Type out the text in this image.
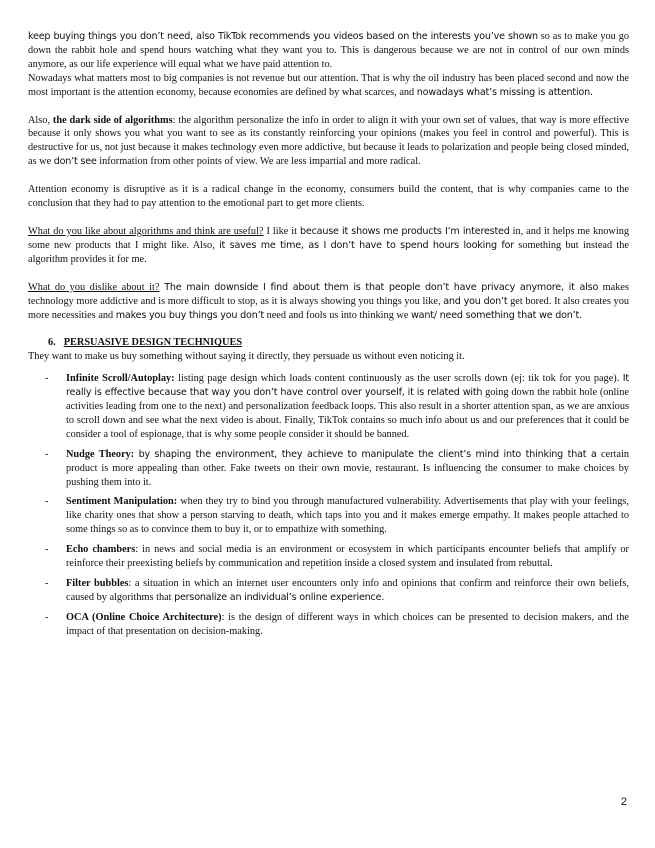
keep buying things you don’t need, also TikTok recommends you videos based on the interests you’ve shown so as to make you go down the rabbit hole and spend hours watching what they want you to. This is dangerous because we are not in control of our own minds anymore, as our life experience will equal what we have paid attention to.

Nowadays what matters most to big companies is not revenue but our attention. That is why the oil industry has been placed second and now the most important is the attention economy, because economies are defined by what scarces, and nowadays what’s missing is attention.

Also, the dark side of algorithms: the algorithm personalize the info in order to align it with your own set of values, that way is more effective because it only shows you what you want to see as its constantly reinforcing your opinions (makes you feel in control and powerful). This is destructive for us, not just because it makes technology even more addictive, but because it leads to polarization and people being closed minded, as we don’t see information from other points of view. We are less impartial and more radical.

Attention economy is disruptive as it is a radical change in the economy, consumers build the content, that is why companies came to the conclusion that they had to pay attention to the emotional part to get more clients.

What do you like about algorithms and think are useful? I like it because it shows me products I’m interested in, and it helps me knowing some new products that I might like. Also, it saves me time, as I don’t have to spend hours looking for something but instead the algorithm provides it for me.

What do you dislike about it? The main downside I find about them is that people don’t have privacy anymore, it also makes technology more addictive and is more difficult to stop, as it is always showing you things you like, and you don’t get bored. It also creates you more necessities and makes you buy things you don’t need and fools us into thinking we want/ need something that we don’t.

6. PERSUASIVE DESIGN TECHNIQUES

They want to make us buy something without saying it directly, they persuade us without even noticing it.

- Infinite Scroll/Autoplay: listing page design which loads content continuously as the user scrolls down (ej: tik tok for you page). It really is effective because that way you don’t have control over yourself, it is related with going down the rabbit hole (online activities leading from one to the next) and personalization feedback loops. This also result in a shorter attention span, as we are anxious to scroll down and see what the next video is about. Finally, TikTok contains so much info about us and our preferences that it could be consider a tool of espionage, that is why some people consider it should be banned.
- Nudge Theory: by shaping the environment, they achieve to manipulate the client’s mind into thinking that a certain product is more appealing than other. Fake tweets on their own movie, restaurant. Is influencing the consumer to make choices by pushing them into it.
- Sentiment Manipulation: when they try to bind you through manufactured vulnerability. Advertisements that play with your feelings, like charity ones that show a person starving to death, which taps into you and it makes emerge empathy. It makes people attached to some things so as to convince them to buy it, or to empathize with something.
- Echo chambers: in news and social media is an environment or ecosystem in which participants encounter beliefs that amplify or reinforce their preexisting beliefs by communication and repetition inside a closed system and insulated from rebuttal.
- Filter bubbles: a situation in which an internet user encounters only info and opinions that confirm and reinforce their own beliefs, caused by algorithms that personalize an individual’s online experience.
- OCA (Online Choice Architecture): is the design of different ways in which choices can be presented to decision makers, and the impact of that presentation on decision-making.
2
